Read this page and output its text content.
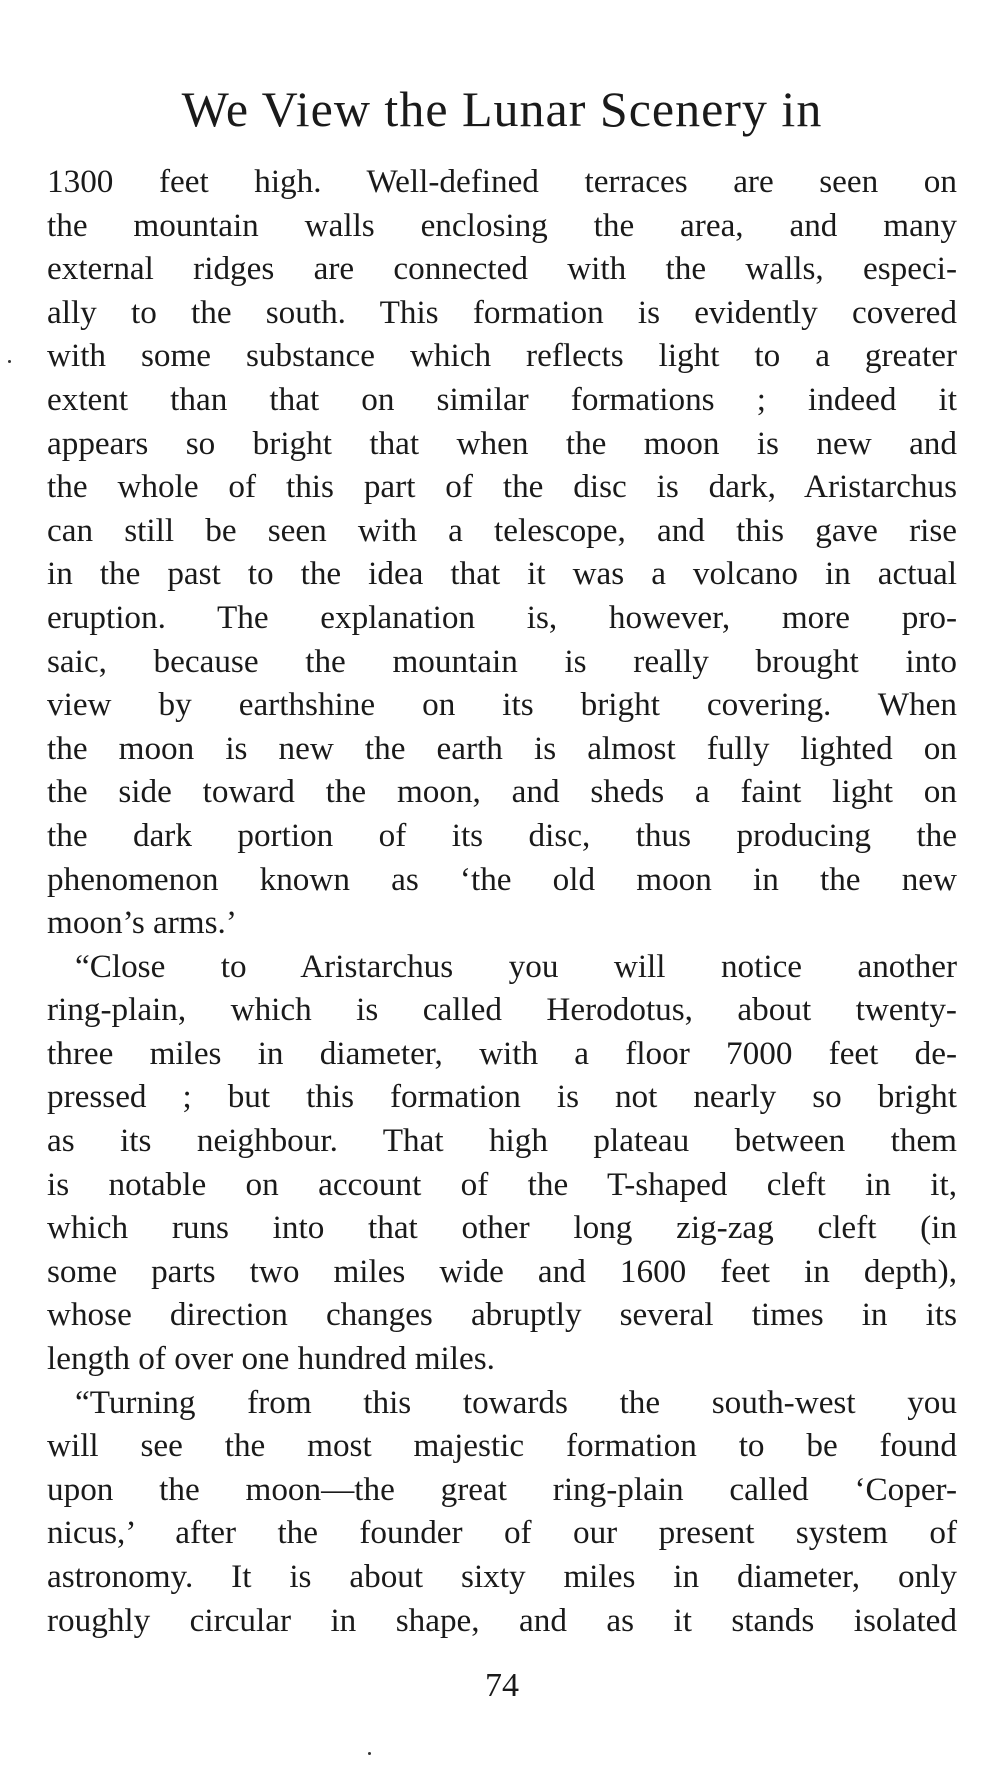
We View the Lunar Scenery in

1300 feet high. Well-defined terraces are seen on
the mountain walls enclosing the area, and many
external ridges are connected with the walls, especi-
ally to the south. This formation is evidently covered
with some substance which reflects light to a greater
extent than that on similar formations ; indeed it
appears so bright that when the moon is new and
the whole of this part of the disc is dark, Aristarchus
can still be seen with a telescope, and this gave rise
in the past to the idea that it was a volcano in actual
eruption. The explanation is, however, more pro-
saic, because the mountain is really brought into
view by earthshine on its bright covering. When
the moon is new the earth is almost fully lighted on
the side toward the moon, and sheds a faint light on
the dark portion of its disc, thus producing the
phenomenon known as ‘the old moon in the new
moon’s arms.’

“Close to Aristarchus you will notice another
ring-plain, which is called Herodotus, about twenty-
three miles in diameter, with a floor 7000 feet de-
pressed ; but this formation is not nearly so bright
as its neighbour. That high plateau between them
is notable on account of the T-shaped cleft in it,
which runs into that other long zig-zag cleft (in
some parts two miles wide and 1600 feet in depth),
whose direction changes abruptly several times in its
length of over one hundred miles.

“Turning from this towards the south-west you
will see the most majestic formation to be found
upon the moon—the great ring-plain called ‘Coper-
nicus,’ after the founder of our present system of
astronomy. It is about sixty miles in diameter, only
roughly circular in shape, and as it stands isolated

74
